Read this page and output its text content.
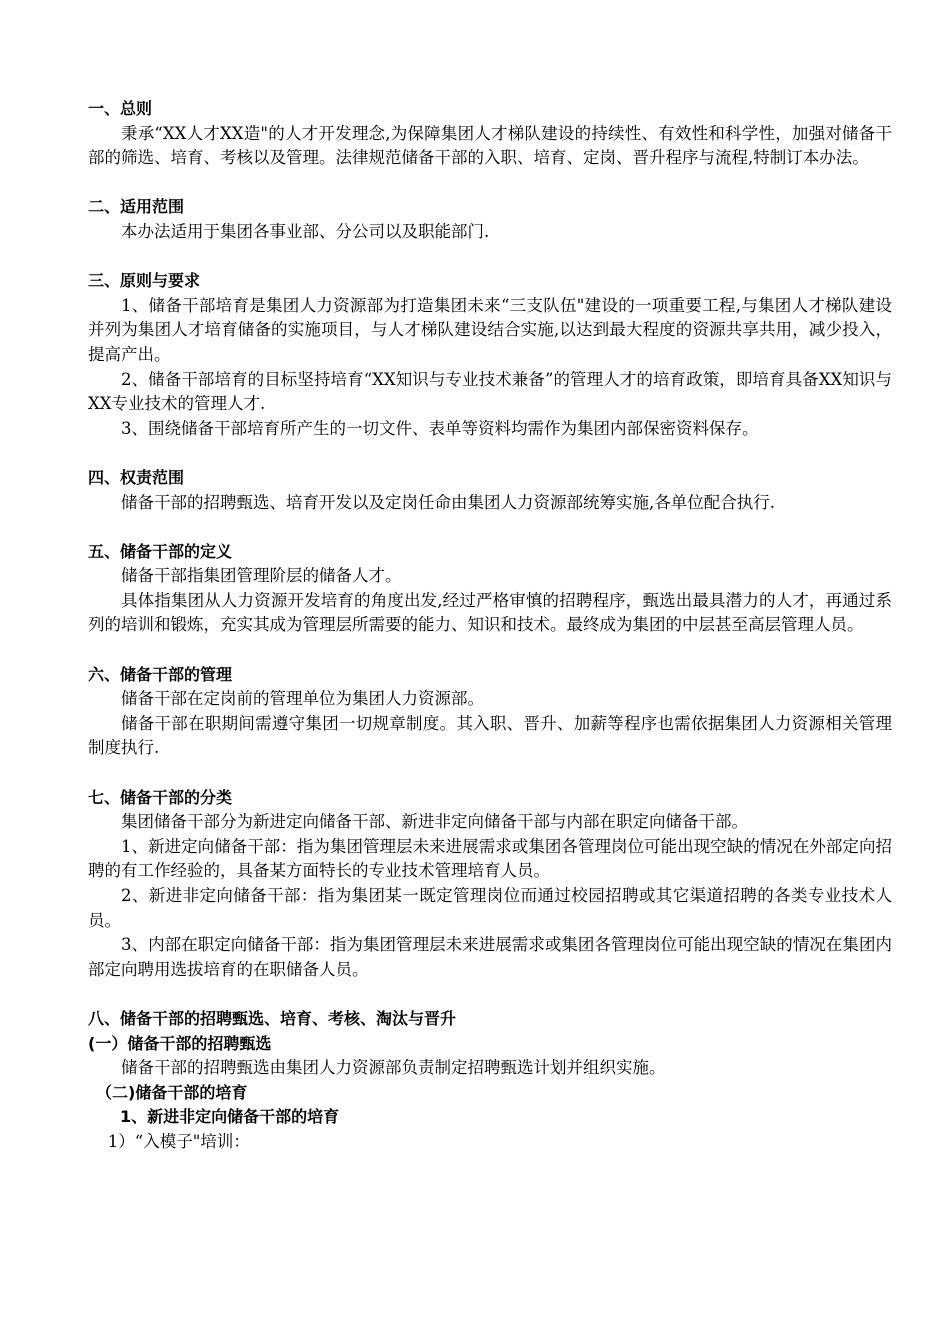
一、总则

秉承“XX人才XX造"的人才开发理念,为保障集团人才梯队建设的持续性、有效性和科学性，加强对储备干部的筛选、培育、考核以及管理。法律规范储备干部的入职、培育、定岗、晋升程序与流程,特制订本办法。

二、适用范围

本办法适用于集团各事业部、分公司以及职能部门.

三、原则与要求

1、储备干部培育是集团人力资源部为打造集团未来“三支队伍"建设的一项重要工程,与集团人才梯队建设并列为集团人才培育储备的实施项目，与人才梯队建设结合实施,以达到最大程度的资源共享共用，减少投入，提高产出。

2、储备干部培育的目标坚持培育“XX知识与专业技术兼备”的管理人才的培育政策，即培育具备XX知识与XX专业技术的管理人才.

3、围绕储备干部培育所产生的一切文件、表单等资料均需作为集团内部保密资料保存。

四、权责范围

储备干部的招聘甄选、培育开发以及定岗任命由集团人力资源部统筹实施,各单位配合执行.

五、储备干部的定义

储备干部指集团管理阶层的储备人才。

具体指集团从人力资源开发培育的角度出发,经过严格审慎的招聘程序，甄选出最具潜力的人才，再通过系列的培训和锻炼，充实其成为管理层所需要的能力、知识和技术。最终成为集团的中层甚至高层管理人员。

六、储备干部的管理

储备干部在定岗前的管理单位为集团人力资源部。

储备干部在职期间需遵守集团一切规章制度。其入职、晋升、加薪等程序也需依据集团人力资源相关管理制度执行.

七、储备干部的分类

集团储备干部分为新进定向储备干部、新进非定向储备干部与内部在职定向储备干部。

1、新进定向储备干部：指为集团管理层未来进展需求或集团各管理岗位可能出现空缺的情况在外部定向招聘的有工作经验的，具备某方面特长的专业技术管理培育人员。

2、新进非定向储备干部：指为集团某一既定管理岗位而通过校园招聘或其它渠道招聘的各类专业技术人员。

3、内部在职定向储备干部：指为集团管理层未来进展需求或集团各管理岗位可能出现空缺的情况在集团内部定向聘用选拔培育的在职储备人员。

八、储备干部的招聘甄选、培育、考核、淘汰与晋升
(一）储备干部的招聘甄选

储备干部的招聘甄选由集团人力资源部负责制定招聘甄选计划并组织实施。

（二)储备干部的培育
1、新进非定向储备干部的培育
1）“入模子"培训：
